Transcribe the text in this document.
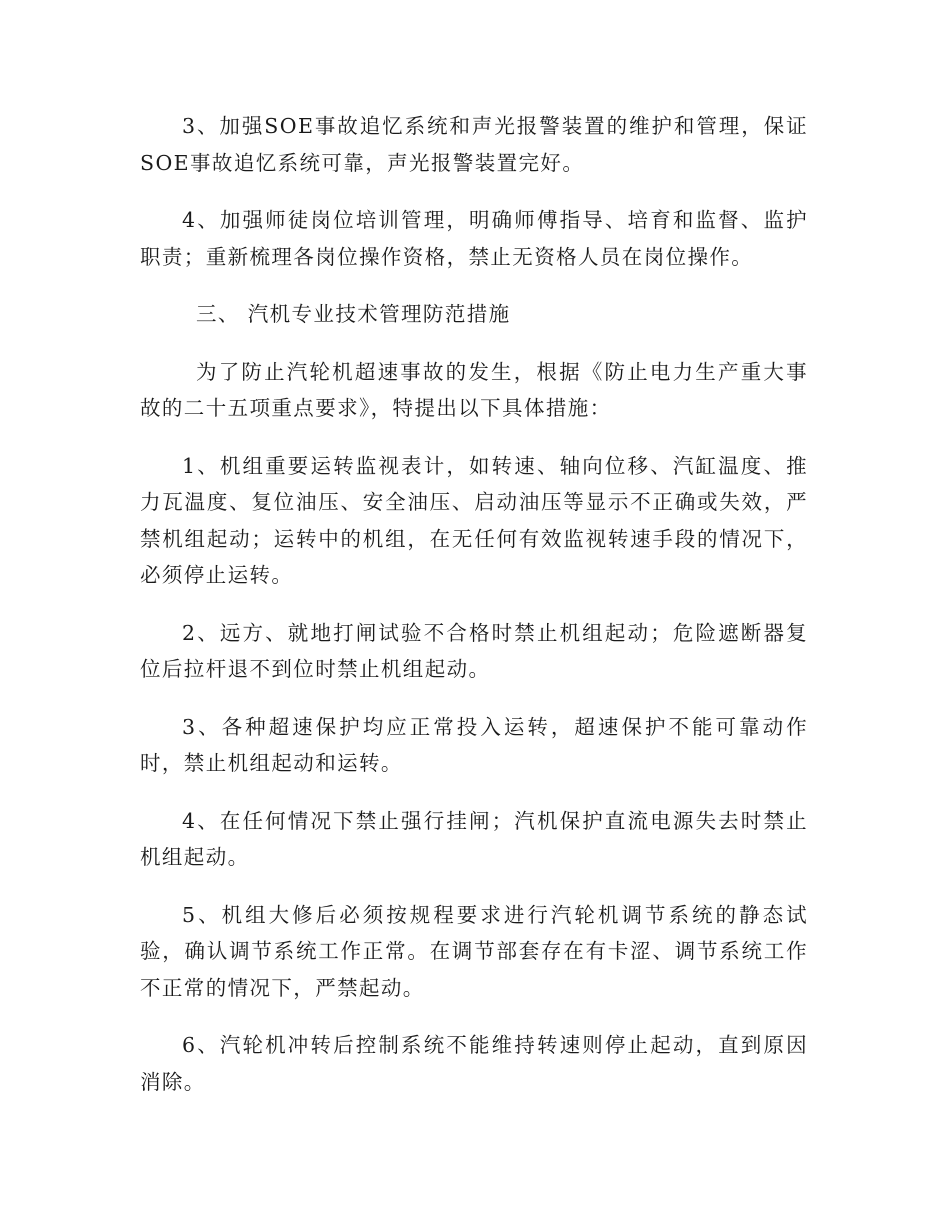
3、加强SOE事故追忆系统和声光报警装置的维护和管理，保证SOE事故追忆系统可靠，声光报警装置完好。

4、加强师徒岗位培训管理，明确师傅指导、培育和监督、监护职责；重新梳理各岗位操作资格，禁止无资格人员在岗位操作。

三、 汽机专业技术管理防范措施

为了防止汽轮机超速事故的发生，根据《防止电力生产重大事故的二十五项重点要求》，特提出以下具体措施：

1、机组重要运转监视表计，如转速、轴向位移、汽缸温度、推力瓦温度、复位油压、安全油压、启动油压等显示不正确或失效，严禁机组起动；运转中的机组，在无任何有效监视转速手段的情况下，必须停止运转。

2、远方、就地打闸试验不合格时禁止机组起动；危险遮断器复位后拉杆退不到位时禁止机组起动。

3、各种超速保护均应正常投入运转，超速保护不能可靠动作时，禁止机组起动和运转。

4、在任何情况下禁止强行挂闸；汽机保护直流电源失去时禁止机组起动。

5、机组大修后必须按规程要求进行汽轮机调节系统的静态试验，确认调节系统工作正常。在调节部套存在有卡涩、调节系统工作不正常的情况下，严禁起动。

6、汽轮机冲转后控制系统不能维持转速则停止起动，直到原因消除。
